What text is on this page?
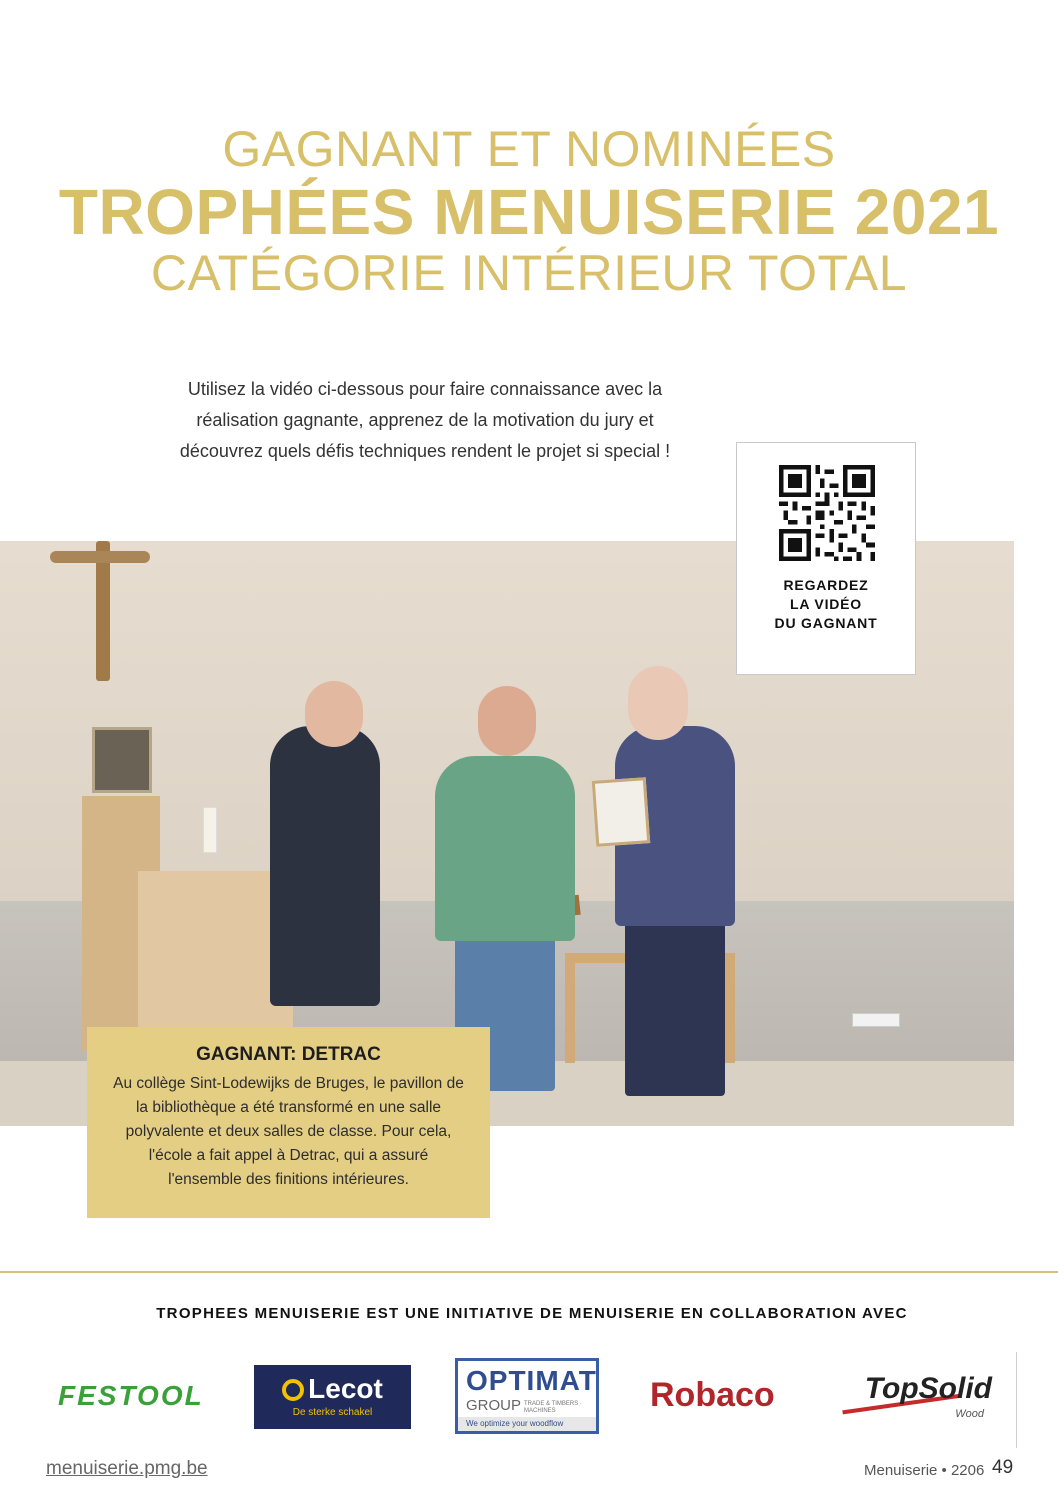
GAGNANT ET NOMINÉES
TROPHÉES MENUISERIE 2021
CATÉGORIE INTÉRIEUR TOTAL
Utilisez la vidéo ci-dessous pour faire connaissance avec la réalisation gagnante, apprenez de la motivation du jury et découvrez quels défis techniques rendent le projet si special !
REGARDEZ
LA VIDÉO
DU GAGNANT
GAGNANT: DETRAC
Au collège Sint-Lodewijks de Bruges, le pavillon de la bibliothèque a été transformé en une salle polyvalente et deux salles de classe. Pour cela, l'école a fait appel à Detrac, qui a assuré l'ensemble des finitions intérieures.
TROPHEES MENUISERIE EST UNE INITIATIVE DE MENUISERIE EN COLLABORATION AVEC
FESTOOL	Lecot
De sterke schakel
OPTIMAT
GROUP TRADE & TIMBERS · MACHINES
We optimize your woodflow
Robaco	TopSolid
Wood
menuiserie.pmg.be	Menuiserie • 2206 49
